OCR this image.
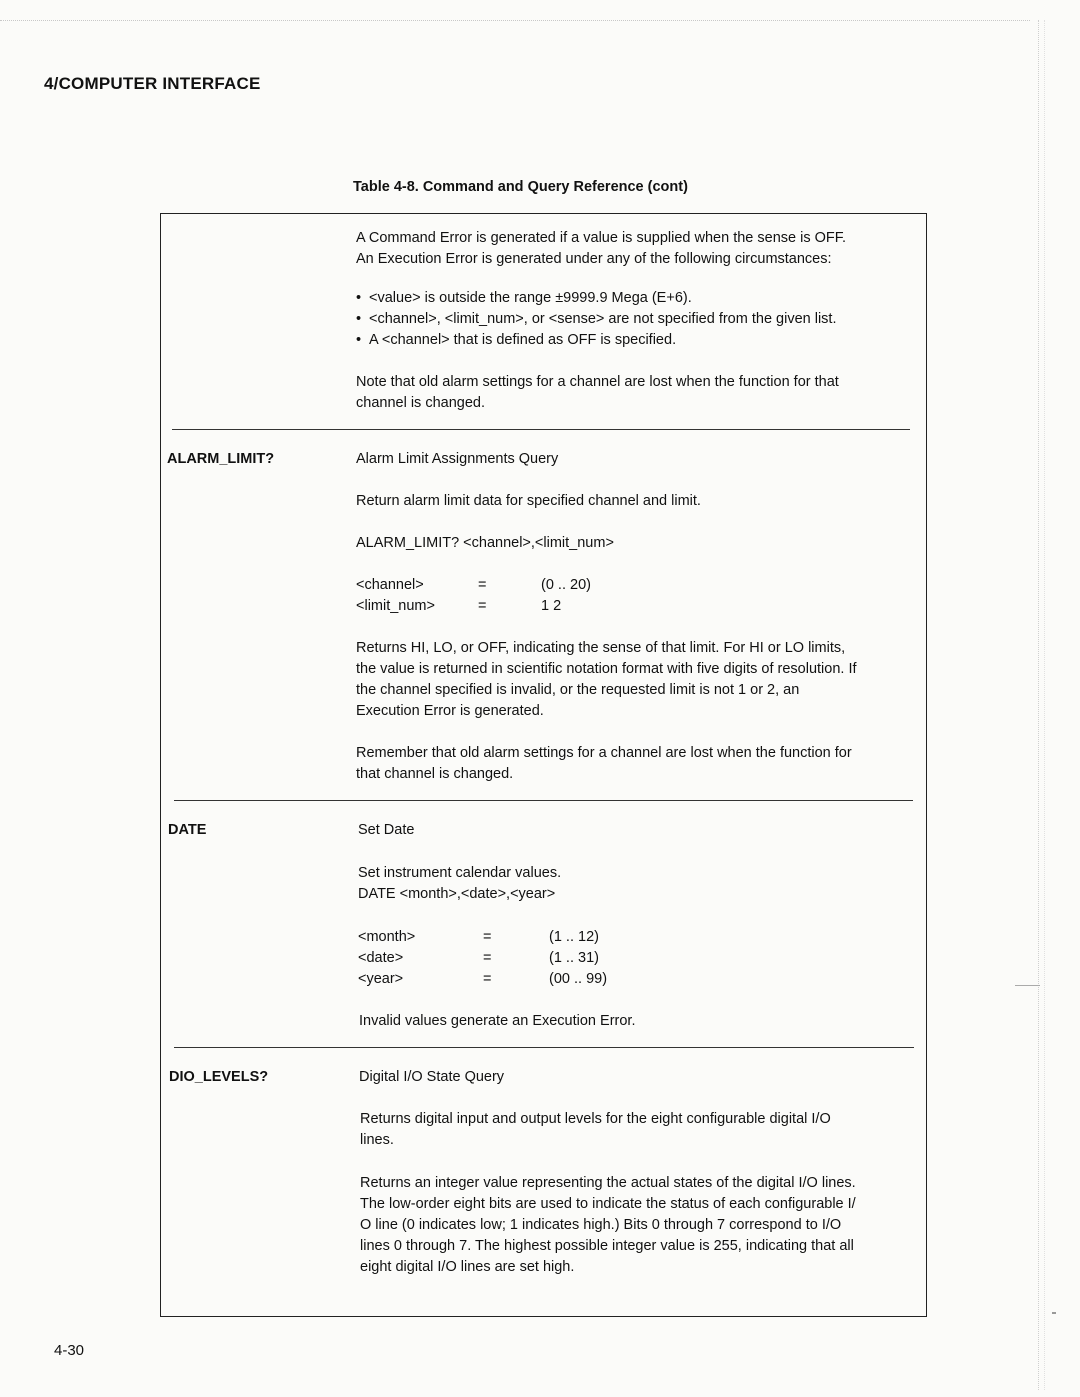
4/COMPUTER INTERFACE
Table 4-8. Command and Query Reference (cont)
A Command Error is generated if a value is supplied when the sense is OFF.
An Execution Error is generated under any of the following circumstances:
• <value> is outside the range ±9999.9 Mega (E+6).
• <channel>, <limit_num>, or <sense> are not specified from the given list.
• A <channel> that is defined as OFF is specified.
Note that old alarm settings for a channel are lost when the function for that
channel is changed.
ALARM_LIMIT?	Alarm Limit Assignments Query
Return alarm limit data for specified channel and limit.
ALARM_LIMIT? <channel>,<limit_num>
<channel>	=	(0 .. 20)
<limit_num>	=	1 2
Returns HI, LO, or OFF, indicating the sense of that limit. For HI or LO limits,
the value is returned in scientific notation format with five digits of resolution. If
the channel specified is invalid, or the requested limit is not 1 or 2, an
Execution Error is generated.
Remember that old alarm settings for a channel are lost when the function for
that channel is changed.
DATE	Set Date
Set instrument calendar values.
DATE <month>,<date>,<year>
<month>	=	(1 .. 12)
<date>	=	(1 .. 31)
<year>	=	(00 .. 99)
Invalid values generate an Execution Error.
DIO_LEVELS?	Digital I/O State Query
Returns digital input and output levels for the eight configurable digital I/O
lines.
Returns an integer value representing the actual states of the digital I/O lines.
The low-order eight bits are used to indicate the status of each configurable I/
O line (0 indicates low; 1 indicates high.) Bits 0 through 7 correspond to I/O
lines 0 through 7. The highest possible integer value is 255, indicating that all
eight digital I/O lines are set high.
4-30
